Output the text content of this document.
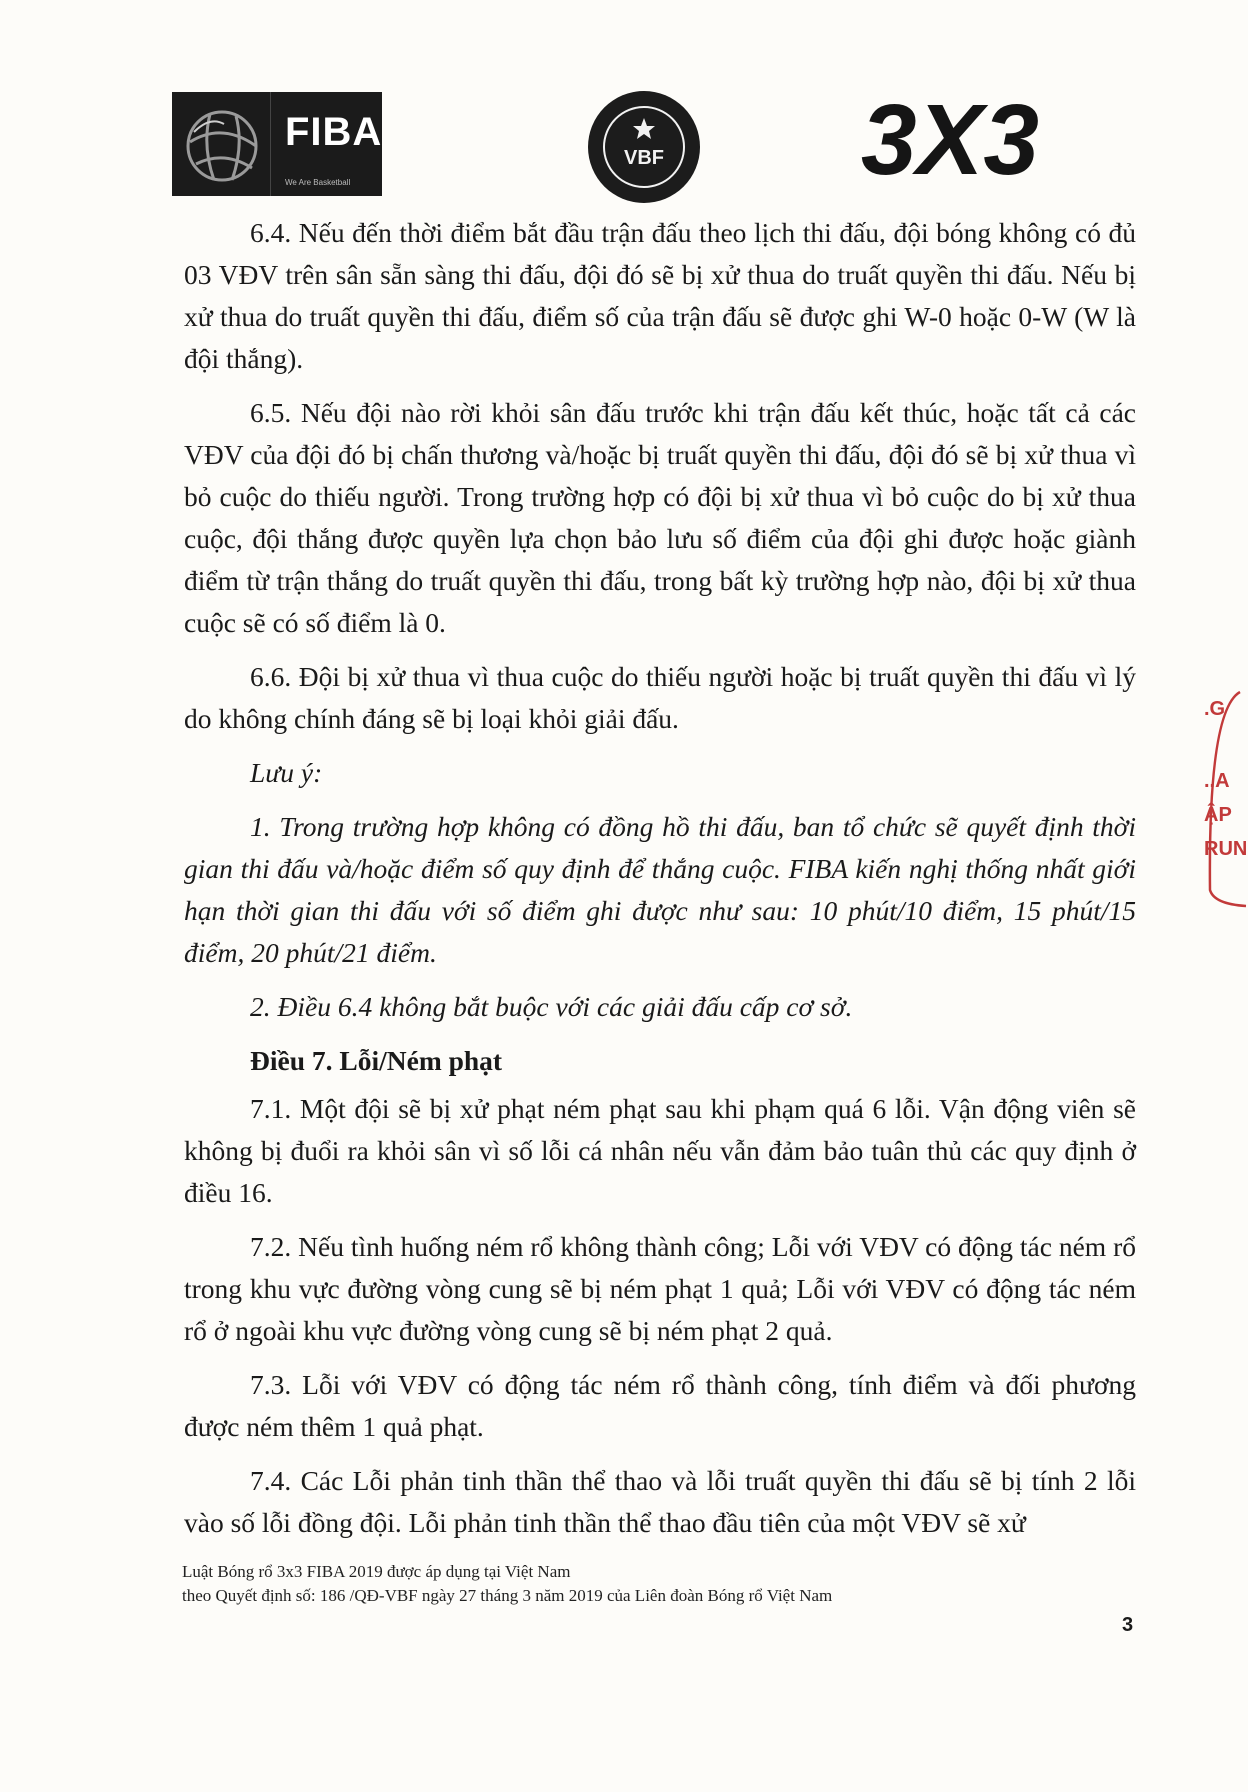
FIBA
We Are Basketball
VBF 3X3

6.4. Nếu đến thời điểm bắt đầu trận đấu theo lịch thi đấu, đội bóng không có đủ 03 VĐV trên sân sẵn sàng thi đấu, đội đó sẽ bị xử thua do truất quyền thi đấu. Nếu bị xử thua do truất quyền thi đấu, điểm số của trận đấu sẽ được ghi W-0 hoặc 0-W (W là đội thắng).

6.5. Nếu đội nào rời khỏi sân đấu trước khi trận đấu kết thúc, hoặc tất cả các VĐV của đội đó bị chấn thương và/hoặc bị truất quyền thi đấu, đội đó sẽ bị xử thua vì bỏ cuộc do thiếu người. Trong trường hợp có đội bị xử thua vì bỏ cuộc do bị xử thua cuộc, đội thắng được quyền lựa chọn bảo lưu số điểm của đội ghi được hoặc giành điểm từ trận thắng do truất quyền thi đấu, trong bất kỳ trường hợp nào, đội bị xử thua cuộc sẽ có số điểm là 0.

6.6. Đội bị xử thua vì thua cuộc do thiếu người hoặc bị truất quyền thi đấu vì lý do không chính đáng sẽ bị loại khỏi giải đấu.

Lưu ý:

1. Trong trường hợp không có đồng hồ thi đấu, ban tổ chức sẽ quyết định thời gian thi đấu và/hoặc điểm số quy định để thắng cuộc. FIBA kiến nghị thống nhất giới hạn thời gian thi đấu với số điểm ghi được như sau: 10 phút/10 điểm, 15 phút/15 điểm, 20 phút/21 điểm.

2. Điều 6.4 không bắt buộc với các giải đấu cấp cơ sở.

Điều 7. Lỗi/Ném phạt

7.1. Một đội sẽ bị xử phạt ném phạt sau khi phạm quá 6 lỗi. Vận động viên sẽ không bị đuổi ra khỏi sân vì số lỗi cá nhân nếu vẫn đảm bảo tuân thủ các quy định ở điều 16.

7.2. Nếu tình huống ném rổ không thành công; Lỗi với VĐV có động tác ném rổ trong khu vực đường vòng cung sẽ bị ném phạt 1 quả; Lỗi với VĐV có động tác ném rổ ở ngoài khu vực đường vòng cung sẽ bị ném phạt 2 quả.

7.3. Lỗi với VĐV có động tác ném rổ thành công, tính điểm và đối phương được ném thêm 1 quả phạt.

7.4. Các Lỗi phản tinh thần thể thao và lỗi truất quyền thi đấu sẽ bị tính 2 lỗi vào số lỗi đồng đội. Lỗi phản tinh thần thể thao đầu tiên của một VĐV sẽ xử

Luật Bóng rổ 3x3 FIBA 2019 được áp dụng tại Việt Nam
theo Quyết định số: 186 /QĐ-VBF ngày 27 tháng 3 năm 2019 của Liên đoàn Bóng rổ Việt Nam
3
.G
..A
ẬP
RUN
